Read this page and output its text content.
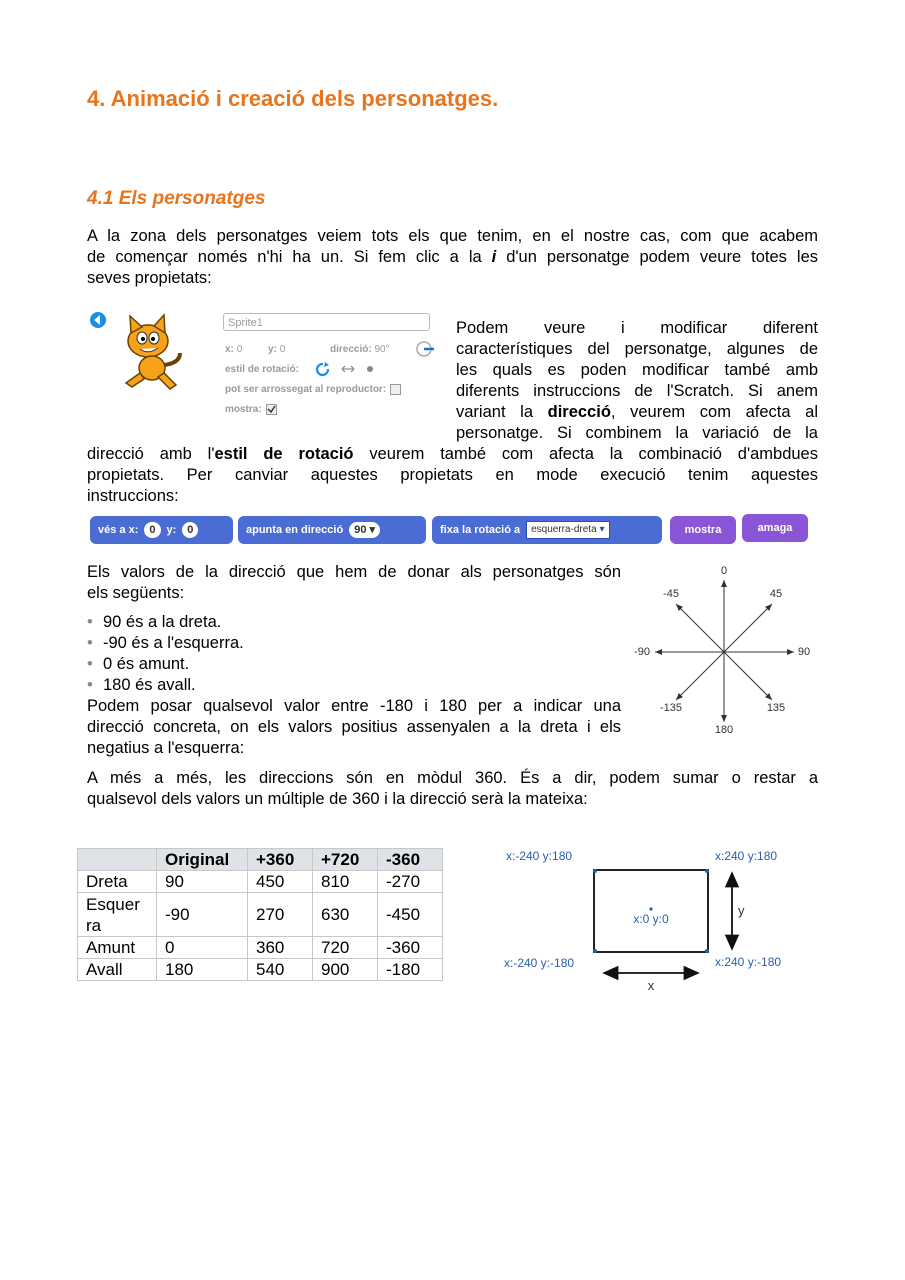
4. Animació i creació dels personatges.
4.1 Els personatges
A la zona dels personatges veiem tots els que tenim, en el nostre cas, com que acabem
de començar només n'hi ha un. Si fem clic a la i d'un personatge podem veure totes les
seves propietats:
Sprite1
x: 0	y: 0	direcció: 90°
estil de rotació:
pot ser arrossegat al reproductor:
mostra:
Podem veure i modificar diferent
característiques del personatge, algunes de
les quals es poden modificar també amb
diferents instruccions de l'Scratch. Si anem
variant la direcció, veurem com afecta al
personatge. Si combinem la variació de la
direcció amb l'estil de rotació veurem també com afecta la combinació d'ambdues
propietats. Per canviar aquestes propietats en mode execució tenim aquestes
instruccions:
vés a x:	0	y:	0	apunta en direcció	90 ▾	fixa la rotació a	esquerra-dreta ▾	mostra	amaga
Els valors de la direcció que hem de donar als personatges són
els següents:
• 90 és a la dreta.
• -90 és a l'esquerra.
• 0 és amunt.
• 180 és avall.
Podem posar qualsevol valor entre -180 i 180 per a indicar una
direcció concreta, on els valors positius assenyalen a la dreta i els
negatius a l'esquerra:
0
45
90
135
180
-135
-90
-45
A més a més, les direccions són en mòdul 360. És a dir, podem sumar o restar a
qualsevol dels valors un múltiple de 360 i la direcció serà la mateixa:
	Original	+360	+720	-360
Dreta	90	450	810	-270
Esquer
ra	-90	270	630	-450
Amunt	0	360	720	-360
Avall	180	540	900	-180
x:-240 y:180	x:240 y:180
x:-240 y:-180	x:240 y:-180
x:0 y:0
y
x
